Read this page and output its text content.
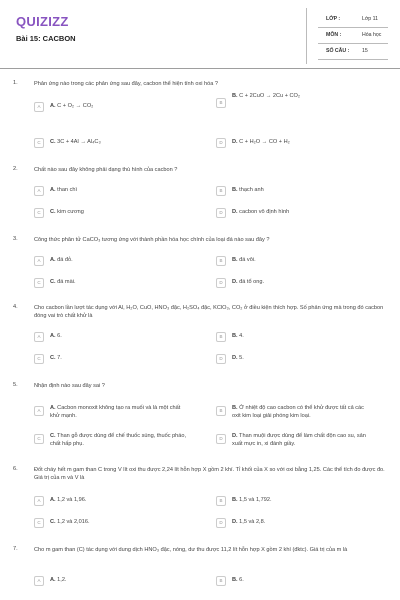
QUIZIZZ
Bài 15: CACBON
LỚP :	Lớp 11
MÔN :	Hóa học
SỐ CÂU : 15
1.	Phản ứng nào trong các phản ứng sau đây, cacbon thể hiện tính oxi hóa ?
A	A. C + O₂ → CO₂
B
B. C + 2CuO → 2Cu + CO₂
C	C. 3C + 4Al → Al₄C₃	D	D. C + H₂O → CO + H₂
2.	Chất nào sau đây không phải dạng thù hình của cacbon ?
A	A. than chì	B	B. thạch anh
C	C. kim cương	D	D. cacbon vô định hình
3.	Công thức phân tử CaCO₃ tương ứng với thành phần hóa học chính của loại đá nào sau đây ?
A	A. đá đỏ.	B	B. đá vôi.
C	C. đá mài.	D	D. đá tổ ong.
4.	Cho cacbon lần lượt tác dụng với Al, H₂O, CuO, HNO₃ đặc, H₂SO₄ đặc, KClO₃, CO₂ ở điều kiện thích hợp. Số phản ứng mà trong đó cacbon đóng vai trò chất khử là
A	A. 6.	B	B. 4.
C	C. 7.	D	D. 5.
5.	Nhận định nào sau đây sai ?
A	A. Cacbon monoxit không tạo ra muối và là một chất khử mạnh.
B	B. Ở nhiệt độ cao cacbon có thể khử được tất cả các oxit kim loại giải phóng kim loại.
C	C. Than gỗ được dùng để chế thuốc súng, thuốc pháo, chất hấp phụ.
D	D. Than muội được dùng để làm chất độn cao su, sản xuất mực in, xi đánh giầy.
6.	Đốt cháy hết m gam than C trong V lít oxi thu được 2,24 lít hỗn hợp X gồm 2 khí. Tỉ khối của X so với oxi bằng 1,25. Các thể tích đo được đo. Giá trị của m và V là
A	A. 1,2 và 1,96.	B	B. 1,5 và 1,792.
C	C. 1,2 và 2,016.	D	D. 1,5 và 2,8.
7.	Cho m gam than (C) tác dụng với dung dịch HNO₃ đặc, nóng, dư thu được 11,2 lít hỗn hợp X gồm 2 khí (đktc). Giá trị của m là
A	A. 1,2.	B	B. 6.
